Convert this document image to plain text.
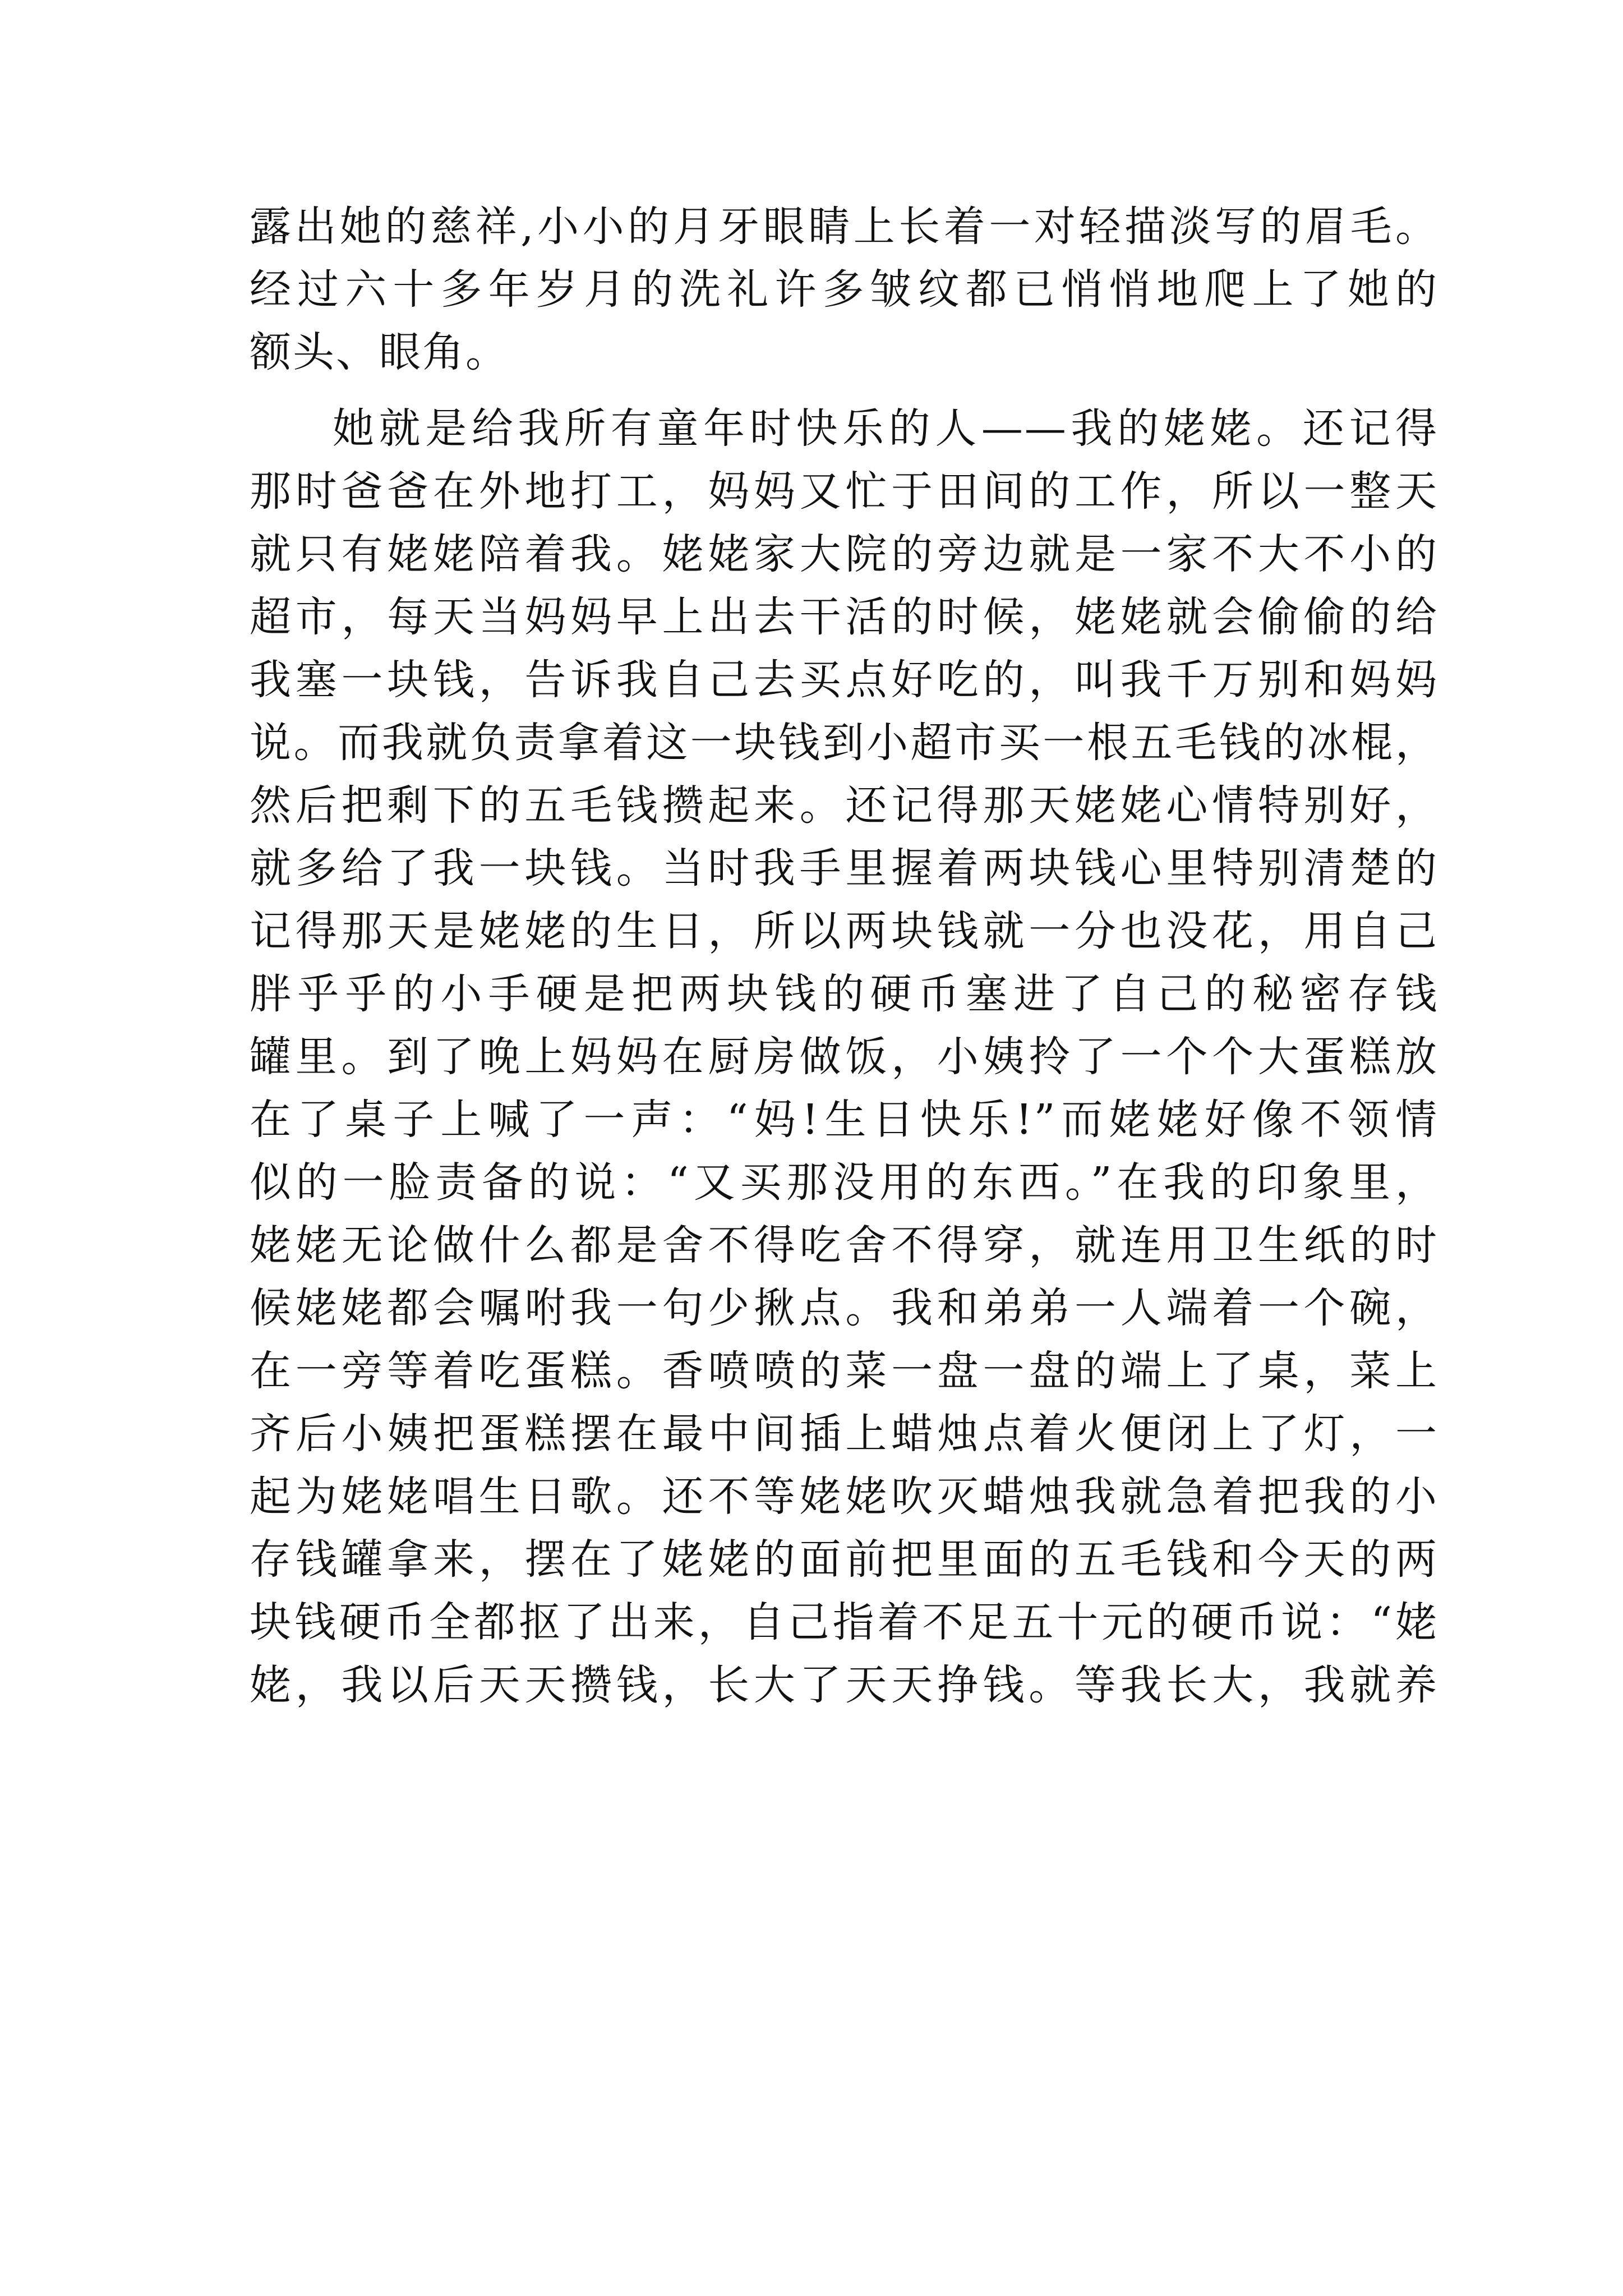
露出她的慈祥,小小的月牙眼睛上长着一对轻描淡写的眉毛。
经过六十多年岁月的洗礼许多皱纹都已悄悄地爬上了她的
额头、眼角。
她就是给我所有童年时快乐的人——我的姥姥。还记得
那时爸爸在外地打工，妈妈又忙于田间的工作，所以一整天
就只有姥姥陪着我。姥姥家大院的旁边就是一家不大不小的
超市，每天当妈妈早上出去干活的时候，姥姥就会偷偷的给
我塞一块钱，告诉我自己去买点好吃的，叫我千万别和妈妈
说。而我就负责拿着这一块钱到小超市买一根五毛钱的冰棍，
然后把剩下的五毛钱攒起来。还记得那天姥姥心情特别好，
就多给了我一块钱。当时我手里握着两块钱心里特别清楚的
记得那天是姥姥的生日，所以两块钱就一分也没花，用自己
胖乎乎的小手硬是把两块钱的硬币塞进了自己的秘密存钱
罐里。到了晚上妈妈在厨房做饭，小姨拎了一个个大蛋糕放
在了桌子上喊了一声：“妈!生日快乐!”而姥姥好像不领情
似的一脸责备的说：“又买那没用的东西。”在我的印象里，
姥姥无论做什么都是舍不得吃舍不得穿，就连用卫生纸的时
候姥姥都会嘱咐我一句少揪点。我和弟弟一人端着一个碗，
在一旁等着吃蛋糕。香喷喷的菜一盘一盘的端上了桌，菜上
齐后小姨把蛋糕摆在最中间插上蜡烛点着火便闭上了灯，一
起为姥姥唱生日歌。还不等姥姥吹灭蜡烛我就急着把我的小
存钱罐拿来，摆在了姥姥的面前把里面的五毛钱和今天的两
块钱硬币全都抠了出来，自己指着不足五十元的硬币说：“姥
姥，我以后天天攒钱，长大了天天挣钱。等我长大，我就养
